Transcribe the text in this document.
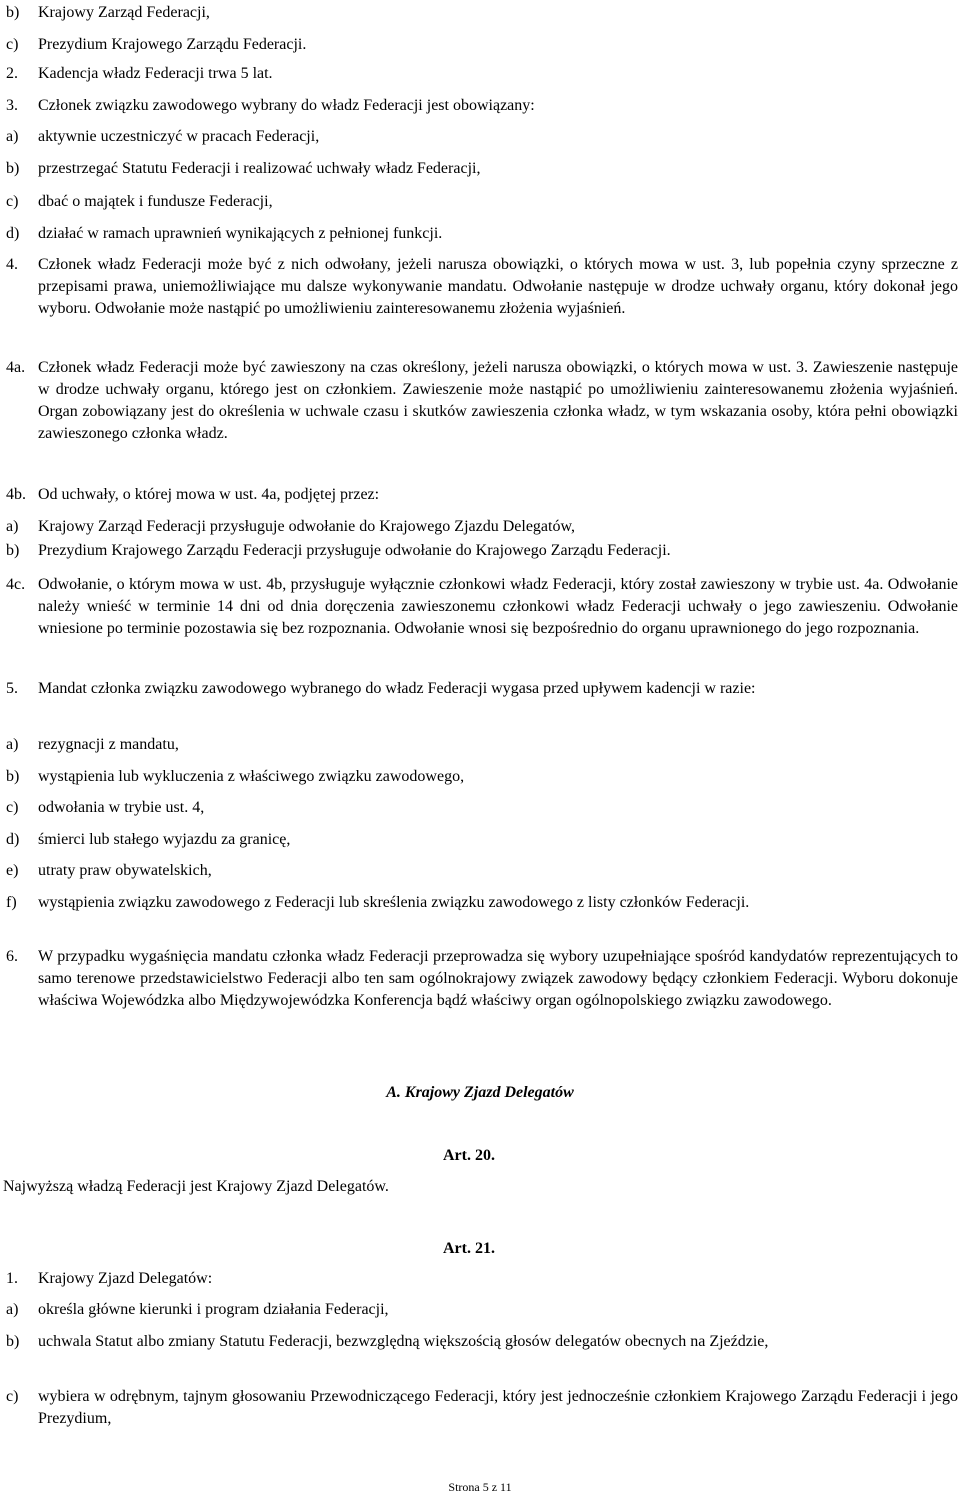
b) Krajowy Zarząd Federacji,
c) Prezydium Krajowego Zarządu Federacji.
2. Kadencja władz Federacji trwa 5 lat.
3. Członek związku zawodowego wybrany do władz Federacji jest obowiązany:
a) aktywnie uczestniczyć w pracach Federacji,
b) przestrzegać Statutu Federacji i realizować uchwały władz Federacji,
c) dbać o majątek i fundusze Federacji,
d) działać w ramach uprawnień wynikających z pełnionej funkcji.
4. Członek władz Federacji może być z nich odwołany, jeżeli narusza obowiązki, o których mowa w ust. 3, lub popełnia czyny sprzeczne z przepisami prawa, uniemożliwiające mu dalsze wykonywanie mandatu. Odwołanie następuje w drodze uchwały organu, który dokonał jego wyboru. Odwołanie może nastąpić po umożliwieniu zainteresowanemu złożenia wyjaśnień.
4a. Członek władz Federacji może być zawieszony na czas określony, jeżeli narusza obowiązki, o których mowa w ust. 3. Zawieszenie następuje w drodze uchwały organu, którego jest on członkiem. Zawieszenie może nastąpić po umożliwieniu zainteresowanemu złożenia wyjaśnień. Organ zobowiązany jest do określenia w uchwale czasu i skutków zawieszenia członka władz, w tym wskazania osoby, która pełni obowiązki zawieszonego członka władz.
4b. Od uchwały, o której mowa w ust. 4a, podjętej przez:
a) Krajowy Zarząd Federacji przysługuje odwołanie do Krajowego Zjazdu Delegatów,
b) Prezydium Krajowego Zarządu Federacji przysługuje odwołanie do Krajowego Zarządu Federacji.
4c. Odwołanie, o którym mowa w ust. 4b, przysługuje wyłącznie członkowi władz Federacji, który został zawieszony w trybie ust. 4a. Odwołanie należy wnieść w terminie 14 dni od dnia doręczenia zawieszonemu członkowi władz Federacji uchwały o jego zawieszeniu. Odwołanie wniesione po terminie pozostawia się bez rozpoznania. Odwołanie wnosi się bezpośrednio do organu uprawnionego do jego rozpoznania.
5. Mandat członka związku zawodowego wybranego do władz Federacji wygasa przed upływem kadencji w razie:
a) rezygnacji z mandatu,
b) wystąpienia lub wykluczenia z właściwego związku zawodowego,
c) odwołania w trybie ust. 4,
d) śmierci lub stałego wyjazdu za granicę,
e) utraty praw obywatelskich,
f) wystąpienia związku zawodowego z Federacji lub skreślenia związku zawodowego z listy członków Federacji.
6. W przypadku wygaśnięcia mandatu członka władz Federacji przeprowadza się wybory uzupełniające spośród kandydatów reprezentujących to samo terenowe przedstawicielstwo Federacji albo ten sam ogólnokrajowy związek zawodowy będący członkiem Federacji. Wyboru dokonuje właściwa Wojewódzka albo Międzywojewódzka Konferencja bądź właściwy organ ogólnopolskiego związku zawodowego.
A. Krajowy Zjazd Delegatów
Art. 20.
Najwyższą władzą Federacji jest Krajowy Zjazd Delegatów.
Art. 21.
1. Krajowy Zjazd Delegatów:
a) określa główne kierunki i program działania Federacji,
b) uchwala Statut albo zmiany Statutu Federacji, bezwzględną większością głosów delegatów obecnych na Zjeździe,
c) wybiera w odrębnym, tajnym głosowaniu Przewodniczącego Federacji, który jest jednocześnie członkiem Krajowego Zarządu Federacji i jego Prezydium,
Strona 5 z 11
